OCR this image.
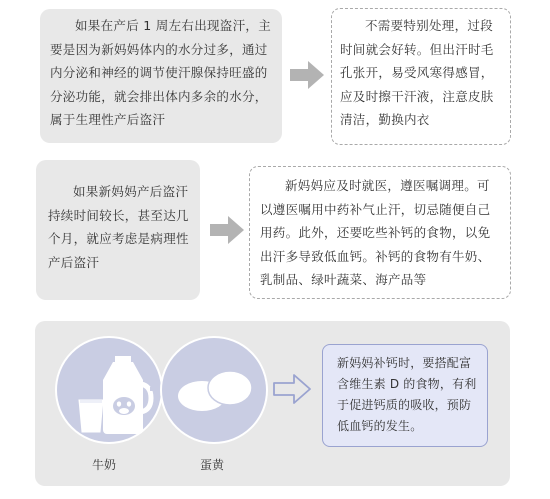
如果在产后 1 周左右出现盗汗，主要是因为新妈妈体内的水分过多，通过内分泌和神经的调节使汗腺保持旺盛的分泌功能，就会排出体内多余的水分，属于生理性产后盗汗

不需要特别处理，过段时间就会好转。但出汗时毛孔张开，易受风寒得感冒，应及时擦干汗液，注意皮肤清洁，勤换内衣

如果新妈妈产后盗汗持续时间较长，甚至达几个月，就应考虑是病理性产后盗汗

新妈妈应及时就医，遵医嘱调理。可以遵医嘱用中药补气止汗，切忌随便自己用药。此外，还要吃些补钙的食物，以免出汗多导致低血钙。补钙的食物有牛奶、乳制品、绿叶蔬菜、海产品等

牛奶	蛋黄

新妈妈补钙时，要搭配富含维生素 D 的食物，有利于促进钙质的吸收，预防低血钙的发生。
